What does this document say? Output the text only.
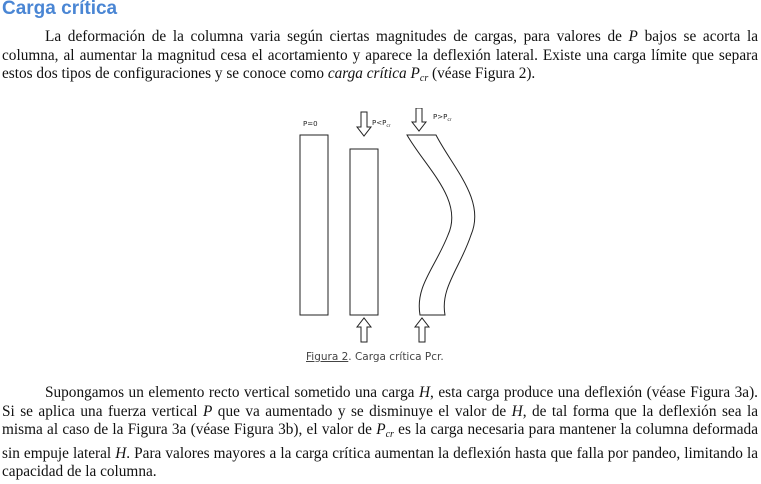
Carga crítica

La deformación de la columna varia según ciertas magnitudes de cargas, para valores de P bajos se acorta la columna, al aumentar la magnitud cesa el acortamiento y aparece la deflexión lateral. Existe una carga límite que separa estos dos tipos de configuraciones y se conoce como carga crítica $P_{cr}$ (véase Figura 2).

P=0	$P<P_{cr}$
$P>P_{cr}$

Figura 2. Carga crítica Pcr.

Supongamos un elemento recto vertical sometido una carga H, esta carga produce una deflexión (véase Figura 3a). Si se aplica una fuerza vertical P que va aumentado y se disminuye el valor de H, de tal forma que la deflexión sea la misma al caso de la Figura 3a (véase Figura 3b), el valor de $P_{cr}$ es la carga necesaria para mantener la columna deformada sin empuje lateral H. Para valores mayores a la carga crítica aumentan la deflexión hasta que falla por pandeo, limitando la capacidad de la columna.
